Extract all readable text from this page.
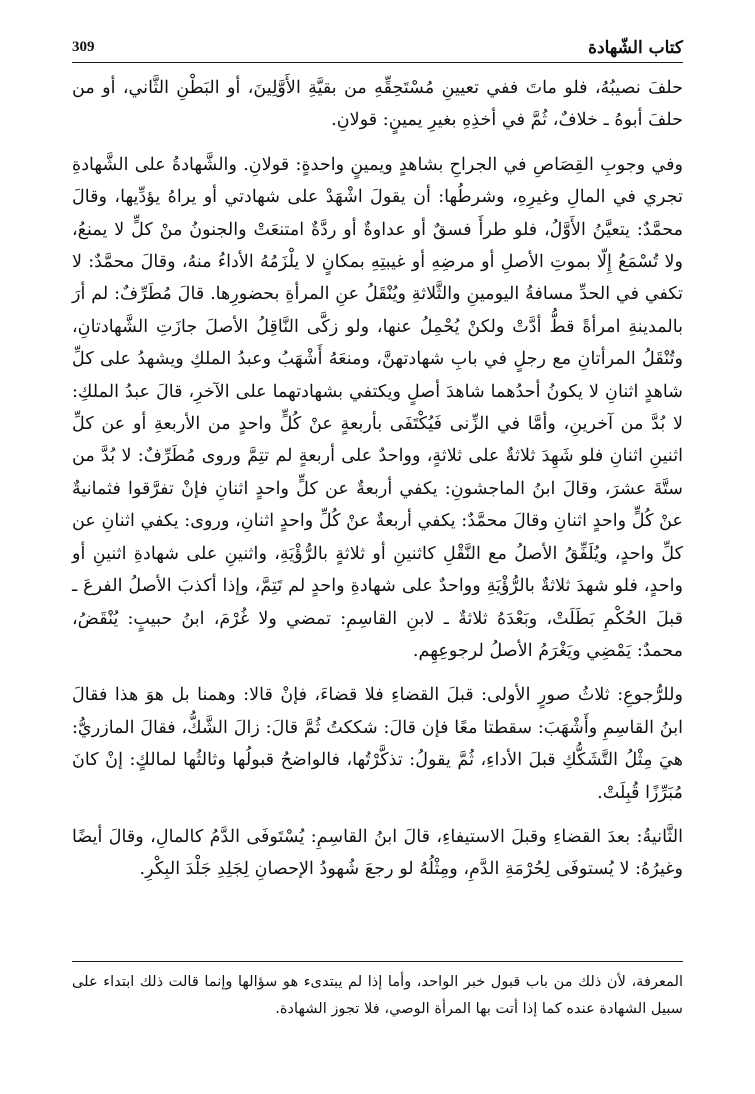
309	كتاب الشّهادة

حلفَ نصيبُهُ، فلو ماتَ ففي تعيينِ مُسْتَحِقِّهِ من بقيَّةِ الأَوَّلِينَ، أو البَطْنِ الثَّاني، أو من حلفَ أبوهُ ـ خلافٌ، ثُمَّ في أخذِهِ بغيرِ يمينٍ: قولانِ.

وفي وجوبِ القِصَاصِ في الجراحِ بشاهدٍ ويمينٍ واحدةٍ: قولانِ. والشَّهادةُ على الشَّهادةِ تجري في المالِ وغيرِهِ، وشرطُها: أن يقولَ اشْهَدْ على شهادتي أو يراهُ يؤدِّيها، وقالَ محمَّدٌ: يتعيَّنُ الأَوَّلُ، فلو طرأَ فسقٌ أو عداوةٌ أو ردَّةٌ امتنعَتْ والجنونُ منْ كلٍّ لا يمنعُ، ولا تُسْمَعُ إِلّا بموتِ الأصلِ أو مرضِهِ أو غيبتِهِ بمكانٍ لا يلْزَمُهُ الأداءُ منهُ، وقالَ محمَّدٌ: لا تكفي في الحدِّ مسافةُ اليومينِ والثَّلاثةِ ويُنْقَلُ عنِ المرأةِ بحضورِها. قالَ مُطَرِّفٌ: لم أرَ بالمدينةِ امرأةً قطُّ أدَّتْ ولكنْ يُحْمِلُ عنها، ولو زكَّى النَّاقِلُ الأصلَ جازَتِ الشَّهادتانِ، وتُنْقَلُ المرأتانِ مع رجلٍ في بابِ شهادتهنَّ، ومنعَهُ أَشْهَبُ وعبدُ الملكِ ويشهدُ على كلِّ شاهدٍ اثنانِ لا يكونُ أحدُهما شاهدَ أصلٍ ويكتفي بشهادتهما على الآخرِ، قالَ عبدُ الملكِ: لا بُدَّ من آخرينِ، وأمَّا في الزِّنى فَيُكْتَفَى بأربعةٍ عنْ كُلٍّ واحدٍ من الأربعةِ أو عن كلِّ اثنينِ اثنانِ فلو شَهِدَ ثلاثةٌ على ثلاثةٍ، وواحدٌ على أربعةٍ لم تتِمَّ وروى مُطَرِّفٌ: لا بُدَّ من ستَّةَ عشرَ، وقالَ ابنُ الماجشونِ: يكفي أربعةٌ عن كلٍّ واحدٍ اثنانِ فإنْ تفرَّقوا فثمانيةٌ عنْ كُلٍّ واحدٍ اثنانِ وقالَ محمَّدٌ: يكفي أربعةٌ عنْ كُلِّ واحدٍ اثنانِ، وروى: يكفي اثنانِ عن كلِّ واحدٍ، ويُلَفِّقُ الأصلُ مع النَّقْلِ كاثنينِ أو ثلاثةٍ بالرُّؤْيَةِ، واثنينِ على شهادةِ اثنينِ أو واحدٍ، فلو شهدَ ثلاثةٌ بالرُّؤْيَةِ وواحدٌ على شهادةِ واحدٍ لم تَتِمَّ، وإذا أكذبَ الأصلُ الفرعَ ـ قبلَ الحُكْمِ بَطَلَتْ، وبَعْدَهُ ثلاثةٌ ـ لابنِ القاسِمِ: تمضي ولا غُرْمَ، ابنُ حبيبٍ: يُنْقَضُ، محمدٌ: يَمْضِي ويَغْرَمُ الأصلُ لرجوعِهِم.

وللرُّجوعِ: ثلاثُ صورٍ الأولى: قبلَ القضاءِ فلا قضاءَ، فإنْ قالا: وهمنا بل هوَ هذا فقالَ ابنُ القاسِمِ وأَشْهَبَ: سقطتا معًا فإن قالَ: شككتُ ثُمَّ قالَ: زالَ الشَّكُّ، فقالَ المازريُّ: هيَ مِثْلُ التَّشَكُّكِ قبلَ الأداءِ، ثُمَّ يقولُ: تذكَّرْتُها، فالواضحُ قبولُها وثالثُها لمالكٍ: إنْ كانَ مُبَرِّزًا قُبِلَتْ.

الثَّانيةُ: بعدَ القضاءِ وقبلَ الاستيفاءِ، قالَ ابنُ القاسِمِ: يُسْتَوفَى الدَّمُ كالمالِ، وقالَ أيضًا وغيرُهُ: لا يُستوفَى لِحُرْمَةِ الدَّمِ، ومِثْلُهُ لو رجعَ شُهودُ الإحصانِ لِجَلِدِ جَلْدَ البِكْرِ.

المعرفة، لأن ذلك من باب قبول خبر الواحد، وأما إذا لم يبتدىء هو سؤالها وإنما قالت ذلك ابتداء على سبيل الشهادة عنده كما إذا أتت بها المرأة الوصي، فلا تجوز الشهادة.
